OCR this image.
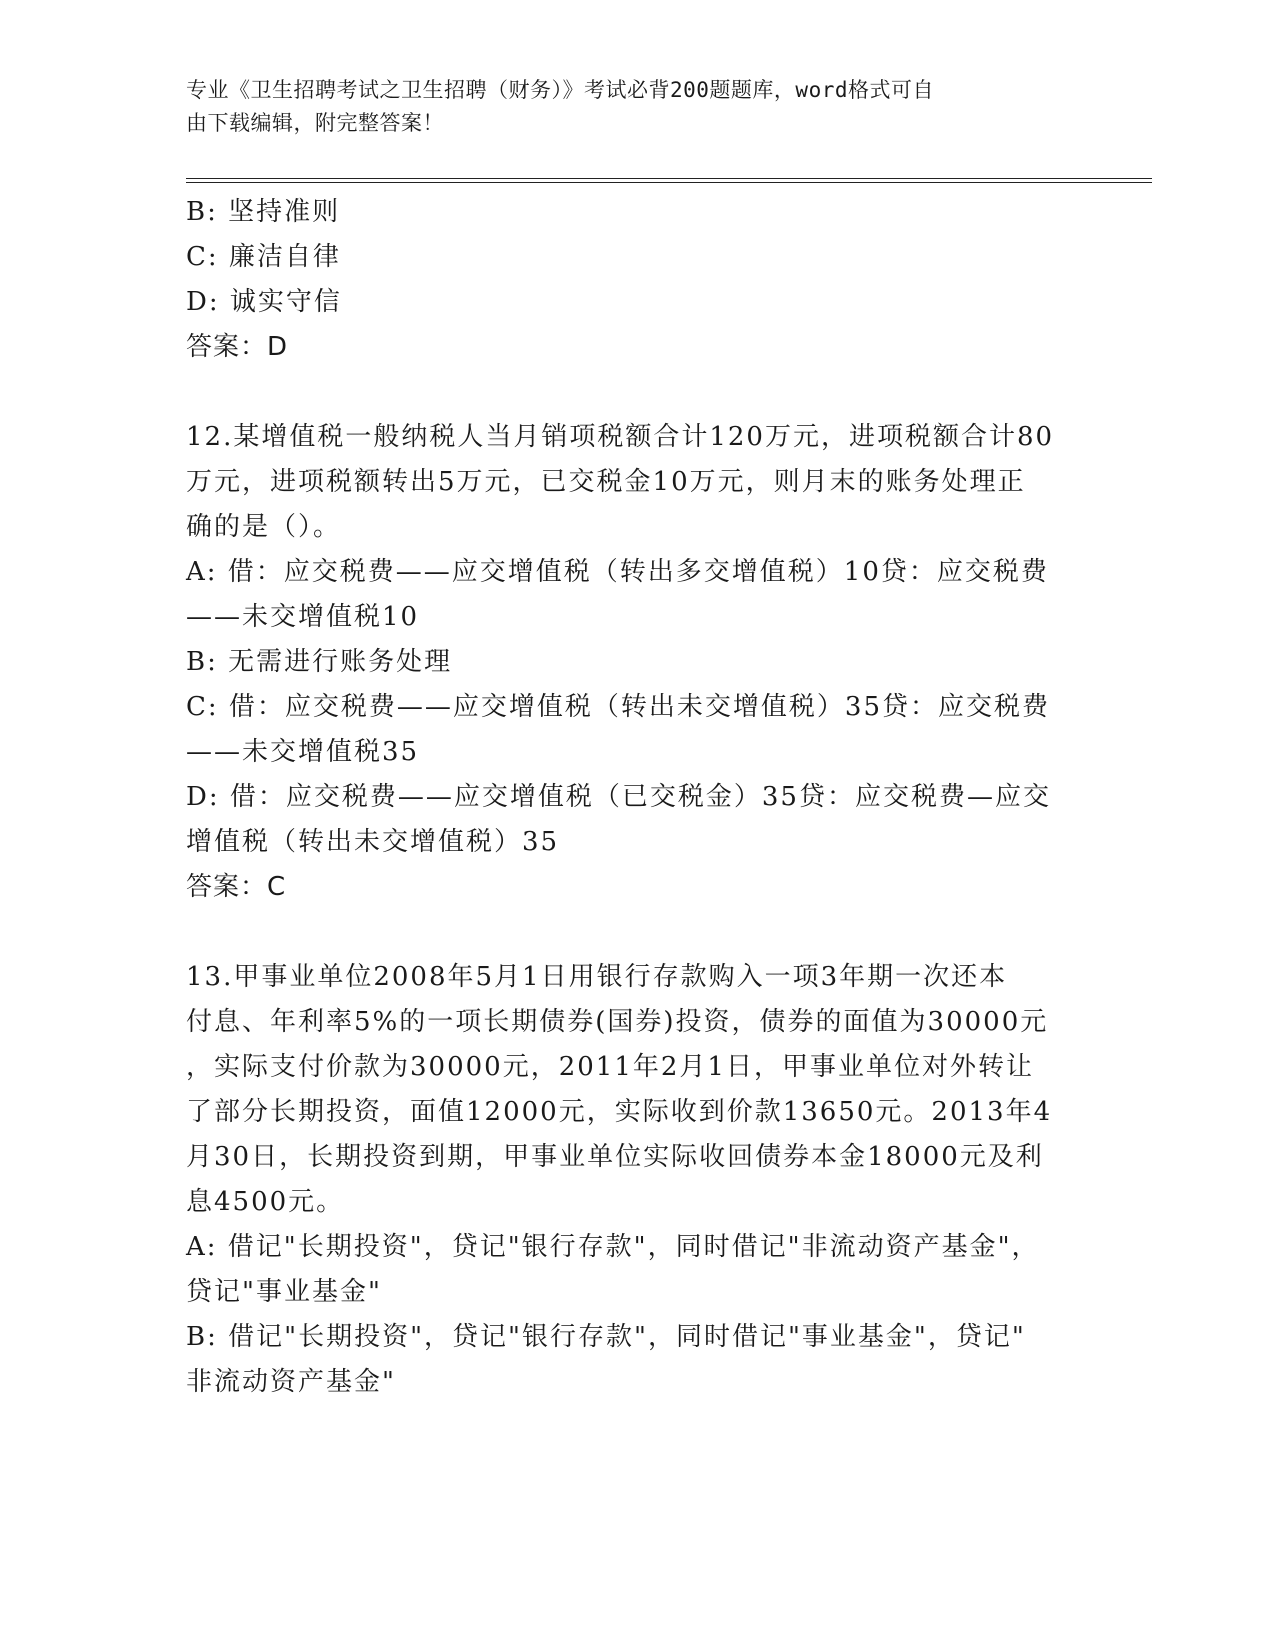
专业《卫生招聘考试之卫生招聘（财务）》考试必背200题题库，word格式可自
由下载编辑，附完整答案！
B: 坚持准则
C: 廉洁自律
D: 诚实守信
答案：D
12.某增值税一般纳税人当月销项税额合计120万元，进项税额合计80
万元，进项税额转出5万元，已交税金10万元，则月末的账务处理正
确的是（）。
A: 借：应交税费——应交增值税（转出多交增值税）10贷：应交税费
——未交增值税10
B: 无需进行账务处理
C: 借：应交税费——应交增值税（转出未交增值税）35贷：应交税费
——未交增值税35
D: 借：应交税费——应交增值税（已交税金）35贷：应交税费—应交
增值税（转出未交增值税）35
答案：C
13.甲事业单位2008年5月1日用银行存款购入一项3年期一次还本
付息、年利率5%的一项长期债券(国券)投资，债券的面值为30000元
，实际支付价款为30000元，2011年2月1日，甲事业单位对外转让
了部分长期投资，面值12000元，实际收到价款13650元。2013年4
月30日，长期投资到期，甲事业单位实际收回债券本金18000元及利
息4500元。
A: 借记"长期投资"，贷记"银行存款"，同时借记"非流动资产基金"，
贷记"事业基金"
B: 借记"长期投资"，贷记"银行存款"，同时借记"事业基金"，贷记"
非流动资产基金"
